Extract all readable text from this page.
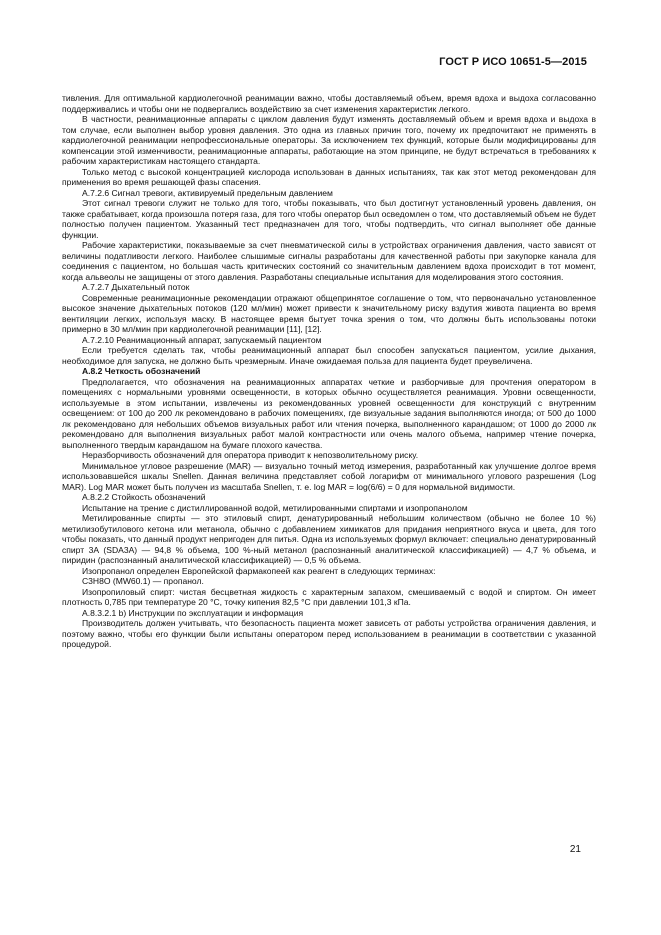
ГОСТ Р ИСО 10651-5—2015

тивления. Для оптимальной кардиолегочной реанимации важно, чтобы доставляемый объем, время вдоха и выдоха согласованно поддерживались и чтобы они не подвергались воздействию за счет изменения характеристик легкого.

В частности, реанимационные аппараты с циклом давления будут изменять доставляемый объем и время вдоха и выдоха в том случае, если выполнен выбор уровня давления. Это одна из главных причин того, почему их предпочитают не применять в кардиолегочной реанимации непрофессиональные операторы. За исключением тех функций, которые были модифицированы для компенсации этой изменчивости, реанимационные аппараты, работающие на этом принципе, не будут встречаться в требованиях к рабочим характеристикам настоящего стандарта.

Только метод с высокой концентрацией кислорода использован в данных испытаниях, так как этот метод рекомендован для применения во время решающей фазы спасения.

А.7.2.6 Сигнал тревоги, активируемый предельным давлением

Этот сигнал тревоги служит не только для того, чтобы показывать, что был достигнут установленный уровень давления, он также срабатывает, когда произошла потеря газа, для того чтобы оператор был осведомлен о том, что доставляемый объем не будет полностью получен пациентом. Указанный тест предназначен для того, чтобы подтвердить, что сигнал выполняет обе данные функции.

Рабочие характеристики, показываемые за счет пневматической силы в устройствах ограничения давления, часто зависят от величины податливости легкого. Наиболее слышимые сигналы разработаны для качественной работы при закупорке канала для соединения с пациентом, но большая часть критических состояний со значительным давлением вдоха происходит в тот момент, когда альвеолы не защищены от этого давления. Разработаны специальные испытания для моделирования этого состояния.

А.7.2.7 Дыхательный поток

Современные реанимационные рекомендации отражают общепринятое соглашение о том, что первоначально установленное высокое значение дыхательных потоков (120 мл/мин) может привести к значительному риску вздутия живота пациента во время вентиляции легких, используя маску. В настоящее время бытует точка зрения о том, что должны быть использованы потоки примерно в 30 мл/мин при кардиолегочной реанимации [11], [12].

А.7.2.10 Реанимационный аппарат, запускаемый пациентом

Если требуется сделать так, чтобы реанимационный аппарат был способен запускаться пациентом, усилие дыхания, необходимое для запуска, не должно быть чрезмерным. Иначе ожидаемая польза для пациента будет преувеличена.

А.8.2 Четкость обозначений

Предполагается, что обозначения на реанимационных аппаратах четкие и разборчивые для прочтения оператором в помещениях с нормальными уровнями освещенности, в которых обычно осуществляется реанимация. Уровни освещенности, используемые в этом испытании, извлечены из рекомендованных уровней освещенности для конструкций с внутренним освещением: от 100 до 200 лк рекомендовано в рабочих помещениях, где визуальные задания выполняются иногда; от 500 до 1000 лк рекомендовано для небольших объемов визуальных работ или чтения почерка, выполненного карандашом; от 1000 до 2000 лк рекомендовано для выполнения визуальных работ малой контрастности или очень малого объема, например чтение почерка, выполненного твердым карандашом на бумаге плохого качества.

Неразборчивость обозначений для оператора приводит к непозволительному риску.

Минимальное угловое разрешение (MAR) — визуально точный метод измерения, разработанный как улучшение долгое время использовавшейся шкалы Snellen. Данная величина представляет собой логарифм от минимального углового разрешения (Log MAR). Log MAR может быть получен из масштаба Snellen, т. е. log MAR = log(6/6) = 0 для нормальной видимости.

А.8.2.2 Стойкость обозначений

Испытание на трение с дистиллированной водой, метилированными спиртами и изопропанолом

Метилированные спирты — это этиловый спирт, денатурированный небольшим количеством (обычно не более 10 %) метилизобутилового кетона или метанола, обычно с добавлением химикатов для придания неприятного вкуса и цвета, для того чтобы показать, что данный продукт непригоден для питья. Одна из используемых формул включает: специально денатурированный спирт 3А (SDA3A) — 94,8 % объема, 100 %-ный метанол (распознанный аналитической классификацией) — 4,7 % объема, и пиридин (распознанный аналитической классификацией) — 0,5 % объема.

Изопропанол определен Европейской фармакопеей как реагент в следующих терминах:

C3H8O (MW60.1) — пропанол.

Изопропиловый спирт: чистая бесцветная жидкость с характерным запахом, смешиваемый с водой и спиртом. Он имеет плотность 0,785 при температуре 20 °С, точку кипения 82,5 °С при давлении 101,3 кПа.

А.8.3.2.1 b) Инструкции по эксплуатации и информация

Производитель должен учитывать, что безопасность пациента может зависеть от работы устройства ограничения давления, и поэтому важно, чтобы его функции были испытаны оператором перед использованием в реанимации в соответствии с указанной процедурой.

21
